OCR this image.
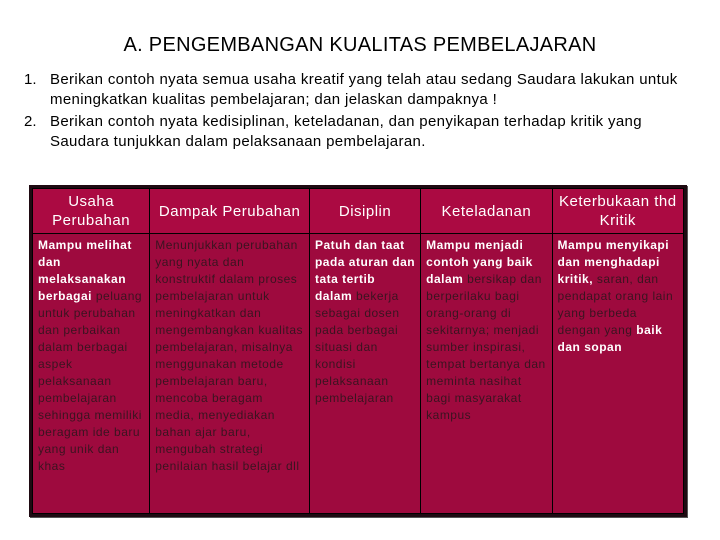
A. PENGEMBANGAN KUALITAS PEMBELAJARAN
1. Berikan contoh nyata semua usaha kreatif yang telah atau sedang Saudara lakukan untuk meningkatkan kualitas pembelajaran; dan jelaskan dampaknya !
2. Berikan contoh nyata kedisiplinan, keteladanan, dan penyikapan terhadap kritik yang Saudara tunjukkan dalam pelaksanaan pembelajaran.
Usaha Perubahan	Dampak Perubahan	Disiplin	Keteladanan	Keterbukaan thd Kritik
Mampu melihat dan melaksanakan berbagai peluang untuk perubahan dan perbaikan dalam berbagai aspek pelaksanaan pembelajaran sehingga memiliki beragam ide baru yang unik dan khas	Menunjukkan perubahan yang nyata dan konstruktif dalam proses pembelajaran untuk meningkatkan dan mengembangkan kualitas pembelajaran, misalnya menggunakan metode pembelajaran baru, mencoba beragam media, menyediakan bahan ajar baru, mengubah strategi penilaian hasil belajar dll	Patuh dan taat pada aturan dan tata tertib dalam bekerja sebagai dosen pada berbagai situasi dan kondisi pelaksanaan pembelajaran	Mampu menjadi contoh yang baik dalam bersikap dan berperilaku bagi orang-orang di sekitarnya; menjadi sumber inspirasi, tempat bertanya dan meminta nasihat bagi masyarakat kampus	Mampu menyikapi dan menghadapi kritik, saran, dan pendapat orang lain yang berbeda dengan yang baik dan sopan
